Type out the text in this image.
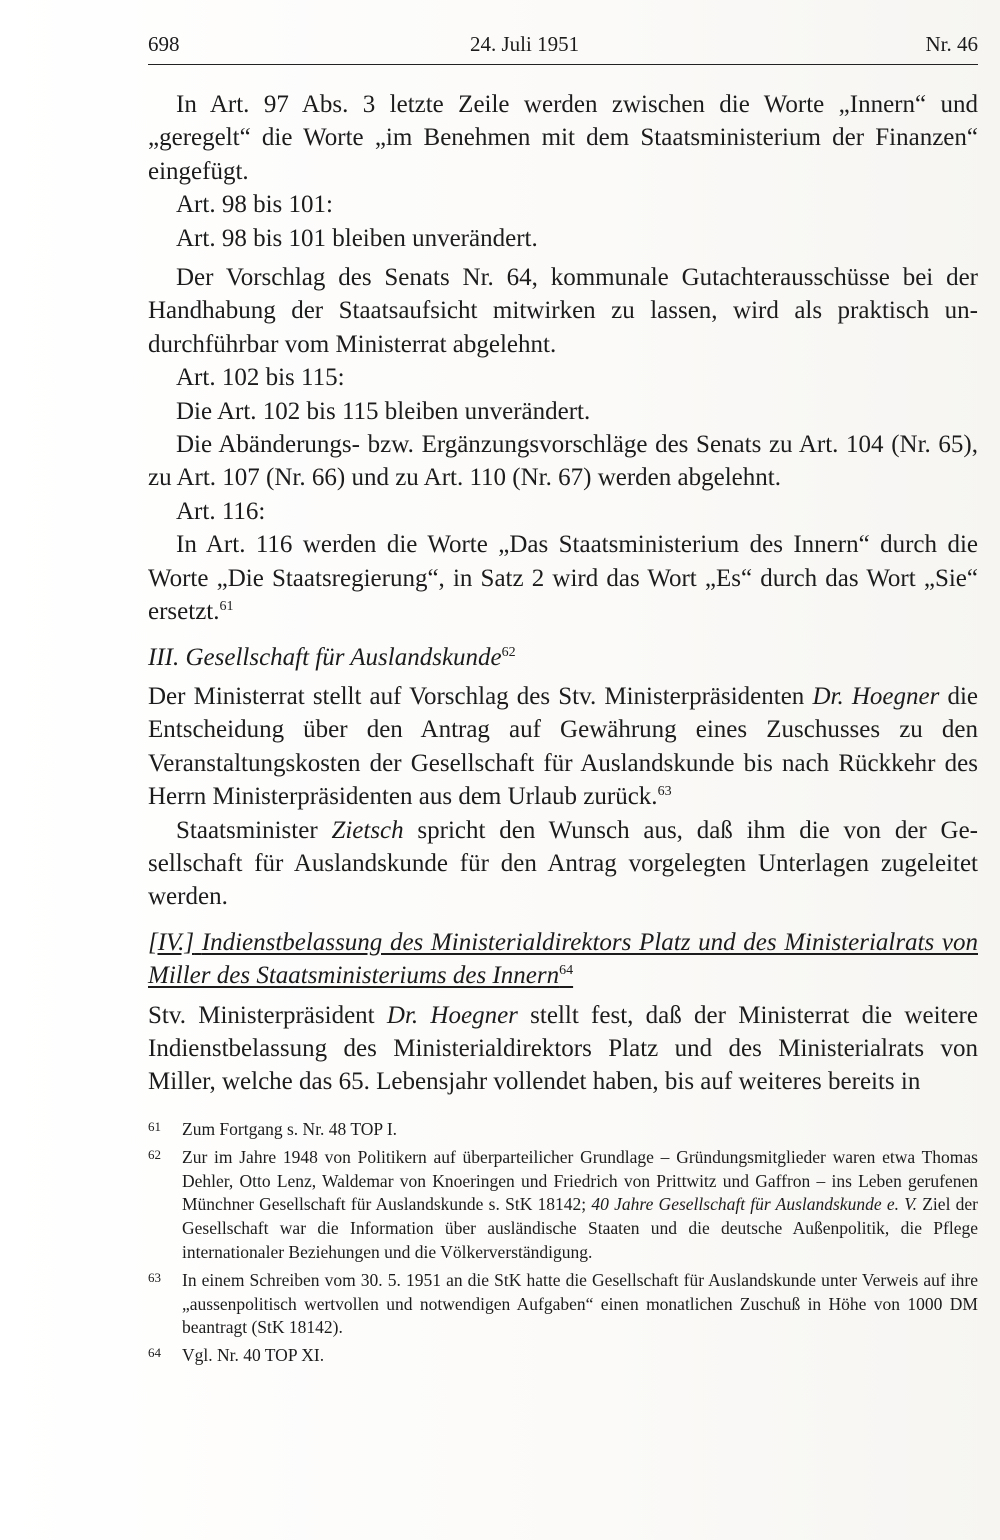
698	24. Juli 1951	Nr. 46

In Art. 97 Abs. 3 letzte Zeile werden zwischen die Worte „Innern“ und „geregelt“ die Worte „im Benehmen mit dem Staatsministerium der Finanzen“ eingefügt.

Art. 98 bis 101:

Art. 98 bis 101 bleiben unverändert.

Der Vorschlag des Senats Nr. 64, kommunale Gutachterausschüsse bei der Handhabung der Staatsaufsicht mitwirken zu lassen, wird als praktisch undurchführbar vom Ministerrat abgelehnt.

Art. 102 bis 115:

Die Art. 102 bis 115 bleiben unverändert.

Die Abänderungs- bzw. Ergänzungsvorschläge des Senats zu Art. 104 (Nr. 65), zu Art. 107 (Nr. 66) und zu Art. 110 (Nr. 67) werden abgelehnt.

Art. 116:

In Art. 116 werden die Worte „Das Staatsministerium des Innern“ durch die Worte „Die Staatsregierung“, in Satz 2 wird das Wort „Es“ durch das Wort „Sie“ ersetzt.$^{61}$

III. Gesellschaft für Auslandskunde$^{62}$

Der Ministerrat stellt auf Vorschlag des Stv. Ministerpräsidenten Dr. Hoegner die Entscheidung über den Antrag auf Gewährung eines Zuschusses zu den Veranstaltungskosten der Gesellschaft für Auslandskunde bis nach Rückkehr des Herrn Ministerpräsidenten aus dem Urlaub zurück.$^{63}$

Staatsminister Zietsch spricht den Wunsch aus, daß ihm die von der Gesellschaft für Auslandskunde für den Antrag vorgelegten Unterlagen zugeleitet werden.

[IV.] Indienstbelassung des Ministerialdirektors Platz und des Ministerialrats von Miller des Staatsministeriums des Innern$^{64}$

Stv. Ministerpräsident Dr. Hoegner stellt fest, daß der Ministerrat die weitere Indienstbelassung des Ministerialdirektors Platz und des Ministerialrats von Miller, welche das 65. Lebensjahr vollendet haben, bis auf weiteres bereits in

61 Zum Fortgang s. Nr. 48 TOP I.
62 Zur im Jahre 1948 von Politikern auf überparteilicher Grundlage – Gründungsmitglieder waren etwa Thomas Dehler, Otto Lenz, Waldemar von Knoeringen und Friedrich von Prittwitz und Gaffron – ins Leben gerufenen Münchner Gesellschaft für Auslandskunde s. StK 18142; 40 Jahre Gesellschaft für Auslandskunde e. V. Ziel der Gesellschaft war die Information über ausländische Staaten und die deutsche Außenpolitik, die Pflege internationaler Beziehungen und die Völkerverständigung.
63 In einem Schreiben vom 30. 5. 1951 an die StK hatte die Gesellschaft für Auslandskunde unter Verweis auf ihre „aussenpolitisch wertvollen und notwendigen Aufgaben“ einen monatlichen Zuschuß in Höhe von 1000 DM beantragt (StK 18142).
64 Vgl. Nr. 40 TOP XI.
